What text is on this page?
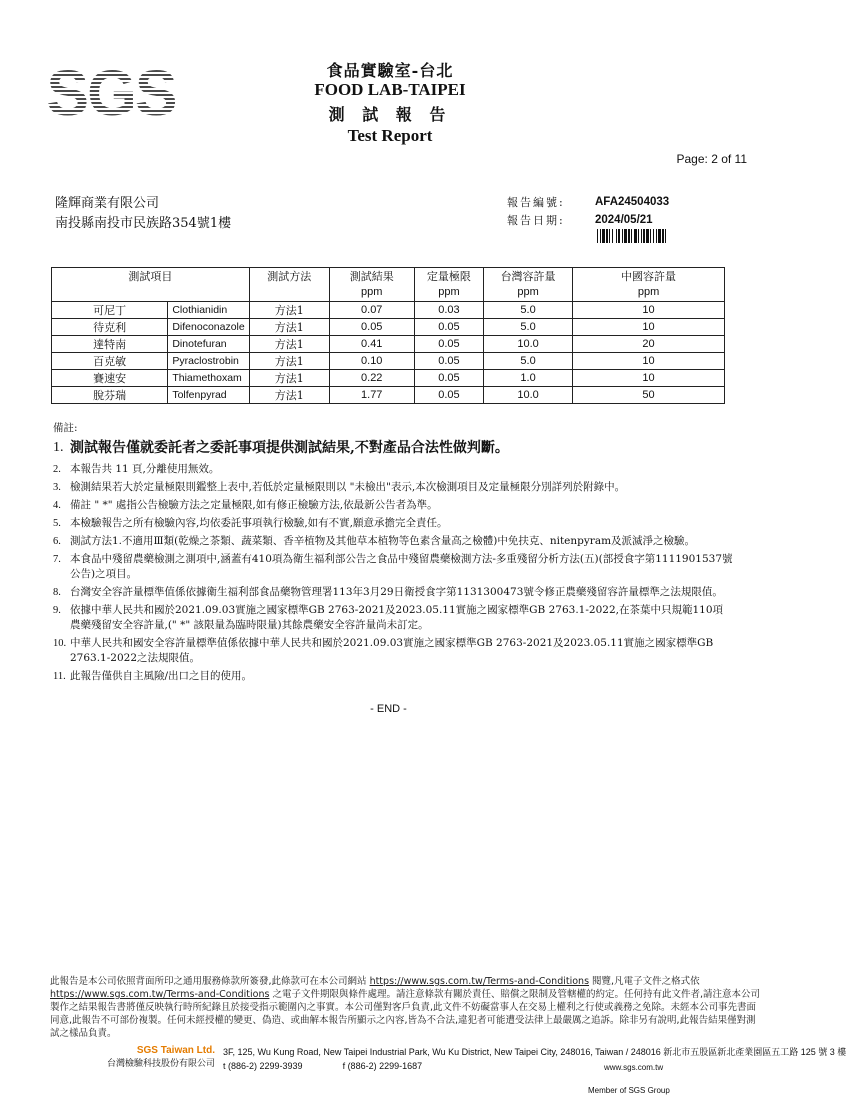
SGS	食品實驗室-台北
FOOD LAB-TAIPEI
測 試 報 告
Test Report
Page: 2 of 11
隆輝商業有限公司
南投縣南投市民族路354號1樓
報告編號:	AFA24504033
報告日期:	2024/05/21
測試項目		測試方法	測試結果	定量極限	台灣容許量	中國容許量
			ppm	ppm	ppm	ppm
可尼丁	Clothianidin	方法1	0.07	0.03	5.0	10
待克利	Difenoconazole	方法1	0.05	0.05	5.0	10
達特南	Dinotefuran	方法1	0.41	0.05	10.0	20
百克敏	Pyraclostrobin	方法1	0.10	0.05	5.0	10
賽速安	Thiamethoxam	方法1	0.22	0.05	1.0	10
脫芬瑞	Tolfenpyrad	方法1	1.77	0.05	10.0	50
備註:
1. 測試報告僅就委託者之委託事項提供測試結果,不對產品合法性做判斷。
2. 本報告共 11 頁,分離使用無效。
3. 檢測結果若大於定量極限則鑑整上表中,若低於定量極限則以 "未檢出"表示,本次檢測項目及定量極限分別詳列於附錄中。
4. 備註 " *" 處指公告檢驗方法之定量極限,如有修正檢驗方法,依最新公告者為準。
5. 本檢驗報告之所有檢驗內容,均依委託事項執行檢驗,如有不實,願意承擔完全責任。
6. 測試方法1.不適用Ⅲ類(乾燥之茶類、蔬菜類、香辛植物及其他草本植物等色素含量高之檢體)中免扶克、nitenpyram及派滅淨之檢驗。
7. 本食品中殘留農藥檢測之測項中,涵蓋有410項為衛生福利部公告之食品中殘留農藥檢測方法-多重殘留分析方法(五)(部授食字第1111901537號公告)之項目。
8. 台灣安全容許量標準值係依據衛生福利部食品藥物管理署113年3月29日衛授食字第1131300473號令修正農藥殘留容許量標準之法規限值。
9. 依據中華人民共和國於2021.09.03實施之國家標準GB 2763-2021及2023.05.11實施之國家標準GB 2763.1-2022,在茶葉中只規範110項農藥殘留安全容許量,(" *" 該限量為臨時限量)其餘農藥安全容許量尚未訂定。
10. 中華人民共和國安全容許量標準值係依據中華人民共和國於2021.09.03實施之國家標準GB 2763-2021及2023.05.11實施之國家標準GB 2763.1-2022之法規限值。
11. 此報告僅供自主風險/出口之目的使用。
- END -
此報告是本公司依照背面所印之通用服務條款所簽發,此條款可在本公司網站 https://www.sgs.com.tw/Terms-and-Conditions 閱覽,凡電子文件之格式依 https://www.sgs.com.tw/Terms-and-Conditions 之電子文件期限與條件處理。請注意條款有關於責任、賠償之限制及管轄權的約定。任何持有此文件者,請注意本公司製作之結果報告書將僅反映執行時所紀錄且於接受指示範圍內之事實。本公司僅對客戶負責,此文件不妨礙當事人在交易上權利之行使或義務之免除。未經本公司事先書面同意,此報告不可部份複製。任何未經授權的變更、偽造、或曲解本報告所顯示之內容,皆為不合法,違犯者可能遭受法律上最嚴厲之追訴。除非另有說明,此報告結果僅對測試之樣品負責。
SGS Taiwan Ltd.
台灣檢驗科技股份有限公司
3F, 125, Wu Kung Road, New Taipei Industrial Park, Wu Ku District, New Taipei City, 248016, Taiwan / 248016 新北市五股區新北產業園區五工路 125 號 3 樓
t (886-2) 2299-3939	f (886-2) 2299-1687	www.sgs.com.tw
Member of SGS Group
